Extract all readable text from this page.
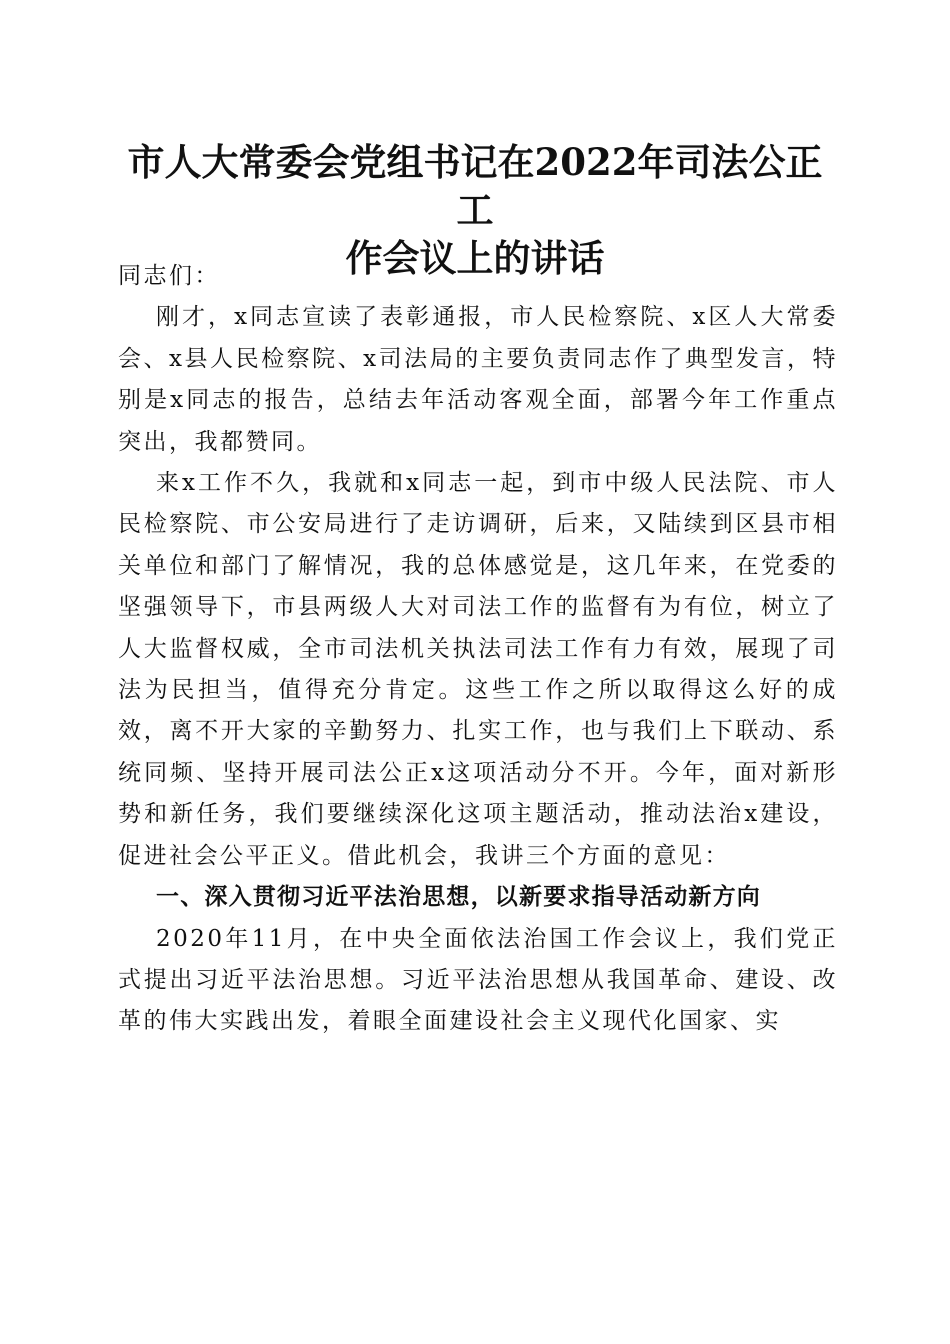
市人大常委会党组书记在2022年司法公正工
作会议上的讲话

同志们：

刚才，x同志宣读了表彰通报，市人民检察院、x区人大常委会、x县人民检察院、x司法局的主要负责同志作了典型发言，特别是x同志的报告，总结去年活动客观全面，部署今年工作重点突出，我都赞同。

来x工作不久，我就和x同志一起，到市中级人民法院、市人民检察院、市公安局进行了走访调研，后来，又陆续到区县市相关单位和部门了解情况，我的总体感觉是，这几年来，在党委的坚强领导下，市县两级人大对司法工作的监督有为有位，树立了人大监督权威，全市司法机关执法司法工作有力有效，展现了司法为民担当，值得充分肯定。这些工作之所以取得这么好的成效，离不开大家的辛勤努力、扎实工作，也与我们上下联动、系统同频、坚持开展司法公正x这项活动分不开。今年，面对新形势和新任务，我们要继续深化这项主题活动，推动法治x建设，促进社会公平正义。借此机会，我讲三个方面的意见：

一、深入贯彻习近平法治思想，以新要求指导活动新方向

2020年11月，在中央全面依法治国工作会议上，我们党正式提出习近平法治思想。习近平法治思想从我国革命、建设、改革的伟大实践出发，着眼全面建设社会主义现代化国家、实
